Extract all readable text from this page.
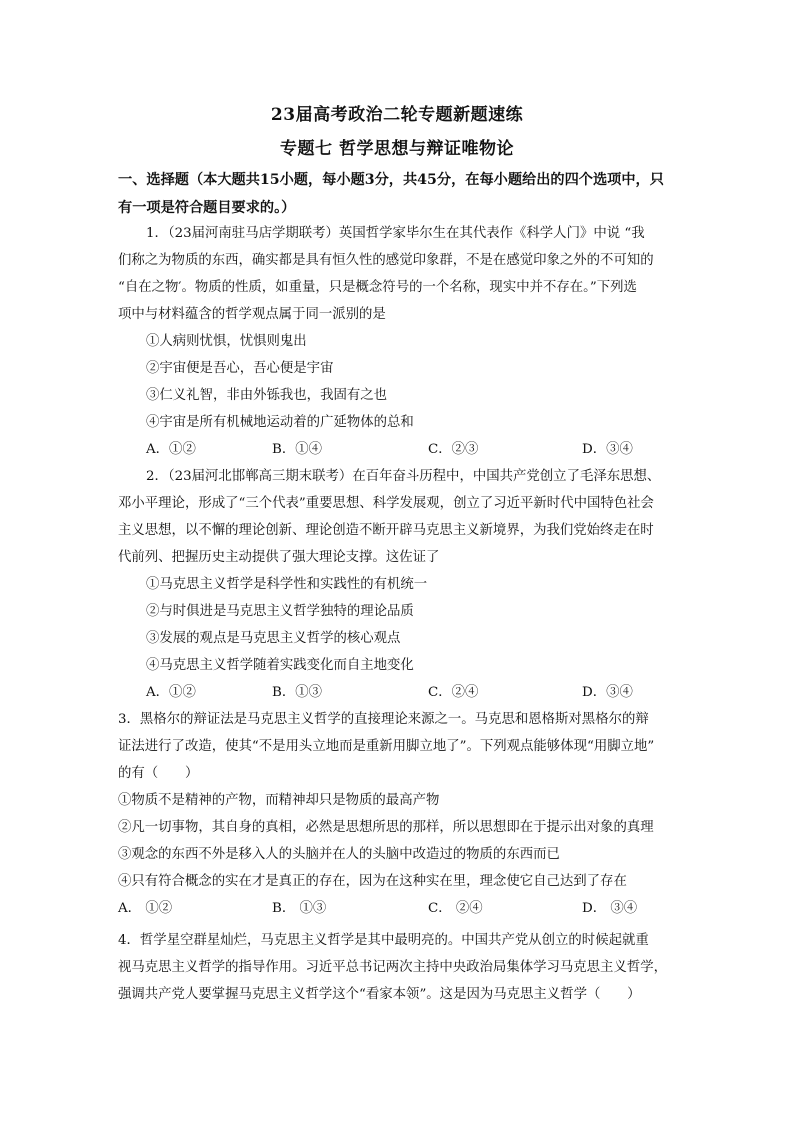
23届高考政治二轮专题新题速练
专题七 哲学思想与辩证唯物论
一、选择题（本大题共15小题，每小题3分，共45分，在每小题给出的四个选项中，只
有一项是符合题目要求的。）
1．（23届河南驻马店学期联考）英国哲学家毕尔生在其代表作《科学人门》中说 “我
们称之为物质的东西，确实都是具有恒久性的感觉印象群，不是在感觉印象之外的不可知的
“自在之物′。物质的性质，如重量，只是概念符号的一个名称，现实中并不存在。”下列选
项中与材料蕴含的哲学观点属于同一派别的是
①人病则忧惧，忧惧则鬼出
②宇宙便是吾心，吾心便是宇宙
③仁义礼智，非由外铄我也，我固有之也
④宇宙是所有机械地运动着的广延物体的总和
A．①②	B．①④	C．②③	D．③④
2．（23届河北邯郸高三期末联考）在百年奋斗历程中，中国共产党创立了毛泽东思想、
邓小平理论，形成了“三个代表”重要思想、科学发展观，创立了习近平新时代中国特色社会
主义思想，以不懈的理论创新、理论创造不断开辟马克思主义新境界，为我们党始终走在时
代前列、把握历史主动提供了强大理论支撑。这佐证了
①马克思主义哲学是科学性和实践性的有机统一
②与时俱进是马克思主义哲学独特的理论品质
③发展的观点是马克思主义哲学的核心观点
④马克思主义哲学随着实践变化而自主地变化
A．①②	B．①③	C．②④	D．③④
3．黑格尔的辩证法是马克思主义哲学的直接理论来源之一。马克思和恩格斯对黑格尔的辩
证法进行了改造，使其“不是用头立地而是重新用脚立地了”。下列观点能够体现“用脚立地”
的有（　　）
①物质不是精神的产物，而精神却只是物质的最高产物
②凡一切事物，其自身的真相，必然是思想所思的那样，所以思想即在于提示出对象的真理
③观念的东西不外是移入人的头脑并在人的头脑中改造过的物质的东西而已
④只有符合概念的实在才是真正的存在，因为在这种实在里，理念使它自己达到了存在
A． ①②	B． ①③	C． ②④	D． ③④
4．哲学星空群星灿烂，马克思主义哲学是其中最明亮的。中国共产党从创立的时候起就重
视马克思主义哲学的指导作用。习近平总书记两次主持中央政治局集体学习马克思主义哲学，
强调共产党人要掌握马克思主义哲学这个“看家本领”。这是因为马克思主义哲学（　　）
